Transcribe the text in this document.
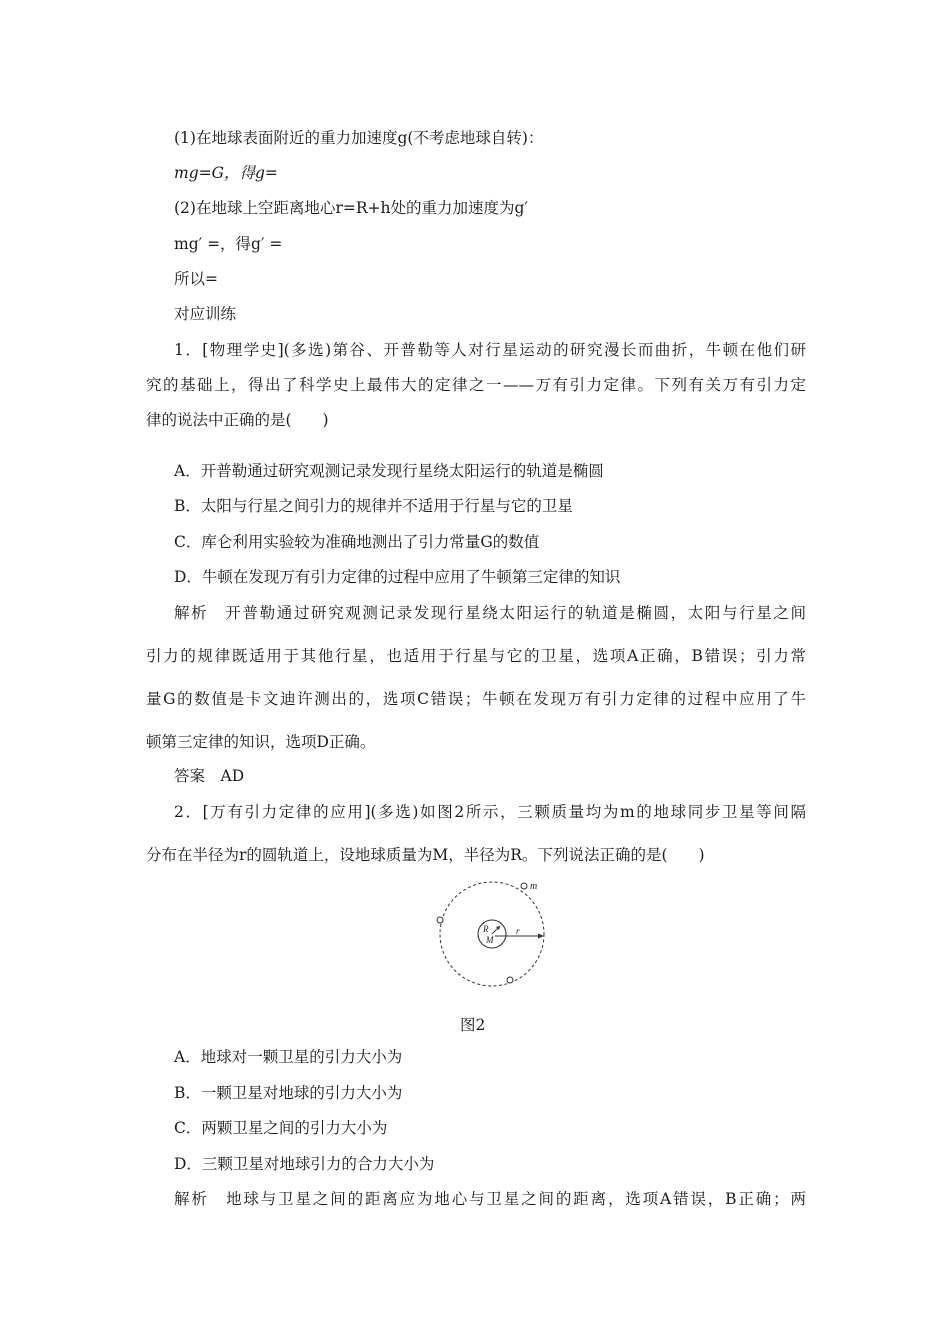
(1)在地球表面附近的重力加速度g(不考虑地球自转)：
mg=G，得g=
(2)在地球上空距离地心r=R+h处的重力加速度为g′
mg′ =，得g′ =
所以=
对应训练
1．[物理学史](多选)第谷、开普勒等人对行星运动的研究漫长而曲折，牛顿在他们研
究的基础上，得出了科学史上最伟大的定律之一——万有引力定律。下列有关万有引力定
律的说法中正确的是(　　)
A．开普勒通过研究观测记录发现行星绕太阳运行的轨道是椭圆
B．太阳与行星之间引力的规律并不适用于行星与它的卫星
C．库仑利用实验较为准确地测出了引力常量G的数值
D．牛顿在发现万有引力定律的过程中应用了牛顿第三定律的知识
解析　开普勒通过研究观测记录发现行星绕太阳运行的轨道是椭圆，太阳与行星之间
引力的规律既适用于其他行星，也适用于行星与它的卫星，选项A正确，B错误；引力常
量G的数值是卡文迪许测出的，选项C错误；牛顿在发现万有引力定律的过程中应用了牛
顿第三定律的知识，选项D正确。
答案　AD
2．[万有引力定律的应用](多选)如图2所示，三颗质量均为m的地球同步卫星等间隔
分布在半径为r的圆轨道上，设地球质量为M，半径为R。下列说法正确的是(　　)
m
r
R
M
图2
A．地球对一颗卫星的引力大小为
B．一颗卫星对地球的引力大小为
C．两颗卫星之间的引力大小为
D．三颗卫星对地球引力的合力大小为
解析　地球与卫星之间的距离应为地心与卫星之间的距离，选项A错误，B正确；两
